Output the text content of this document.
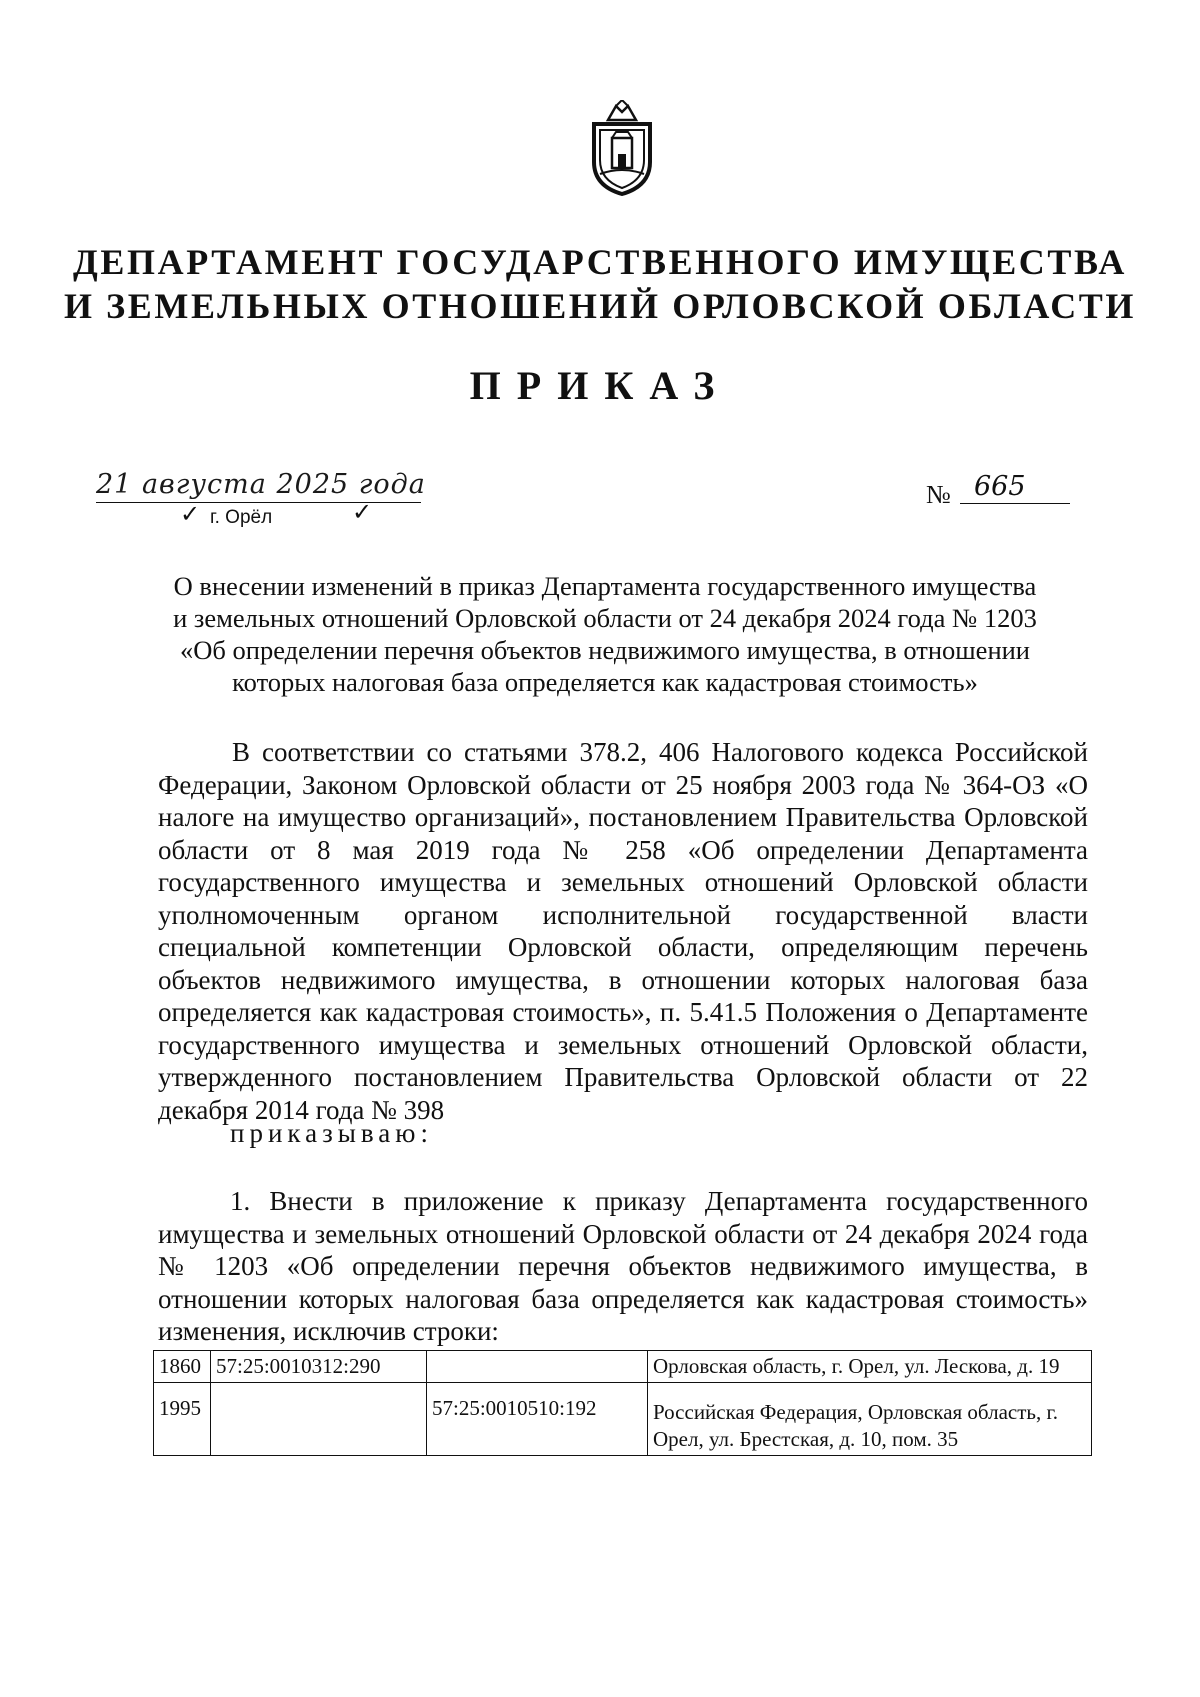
ДЕПАРТАМЕНТ ГОСУДАРСТВЕННОГО ИМУЩЕСТВА
И ЗЕМЕЛЬНЫХ ОТНОШЕНИЙ ОРЛОВСКОЙ ОБЛАСТИ
ПРИКАЗ
21 августа 2025 года
✓	✓
г. Орёл
№ 665
О внесении изменений в приказ Департамента государственного имущества
и земельных отношений Орловской области от 24 декабря 2024 года № 1203
«Об определении перечня объектов недвижимого имущества, в отношении
которых налоговая база определяется как кадастровая стоимость»
В соответствии со статьями 378.2, 406 Налогового кодекса Российской Федерации, Законом Орловской области от 25 ноября 2003 года № 364-ОЗ «О налоге на имущество организаций», постановлением Правительства Орловской области от 8 мая 2019 года № 258 «Об определении Департамента государственного имущества и земельных отношений Орловской области уполномоченным органом исполнительной государственной власти специальной компетенции Орловской области, определяющим перечень объектов недвижимого имущества, в отношении которых налоговая база определяется как кадастровая стоимость», п. 5.41.5 Положения о Департаменте государственного имущества и земельных отношений Орловской области, утвержденного постановлением Правительства Орловской области от 22 декабря 2014 года № 398
приказываю:
1. Внести в приложение к приказу Департамента государственного имущества и земельных отношений Орловской области от 24 декабря 2024 года № 1203 «Об определении перечня объектов недвижимого имущества, в отношении которых налоговая база определяется как кадастровая стоимость» изменения, исключив строки:
1860	57:25:0010312:290		Орловская область, г. Орел, ул. Лескова, д. 19
1995		57:25:0010510:192	Российская Федерация, Орловская область, г. Орел, ул. Брестская, д. 10, пом. 35
